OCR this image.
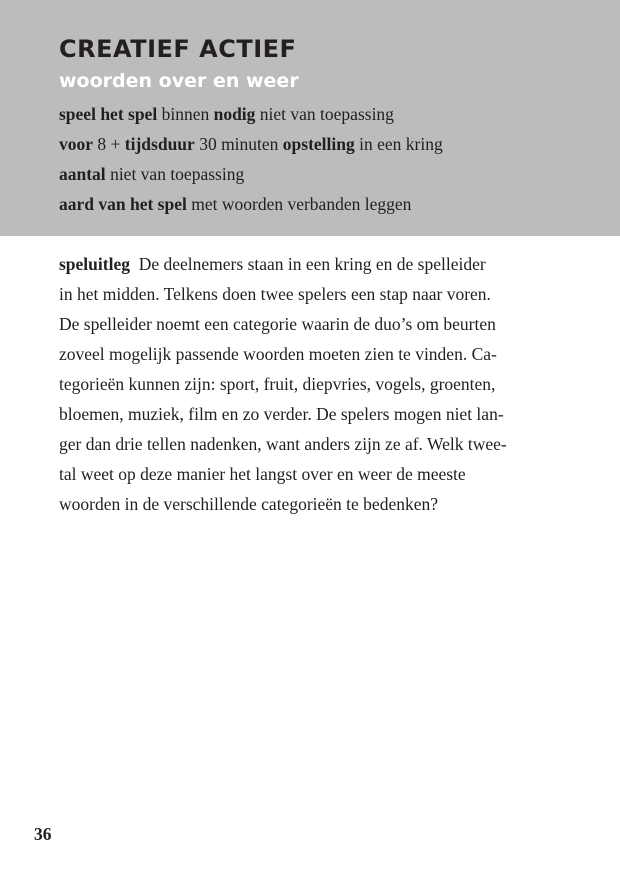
CREATIEF ACTIEF
woorden over en weer
speel het spel binnen nodig niet van toepassing
voor 8 + tijdsduur 30 minuten opstelling in een kring
aantal niet van toepassing
aard van het spel met woorden verbanden leggen
speluitleg De deelnemers staan in een kring en de spelleider
in het midden. Telkens doen twee spelers een stap naar voren.
De spelleider noemt een categorie waarin de duo’s om beurten
zoveel mogelijk passende woorden moeten zien te vinden. Ca-
tegorieën kunnen zijn: sport, fruit, diepvries, vogels, groenten,
bloemen, muziek, film en zo verder. De spelers mogen niet lan-
ger dan drie tellen nadenken, want anders zijn ze af. Welk twee-
tal weet op deze manier het langst over en weer de meeste
woorden in de verschillende categorieën te bedenken?
36
